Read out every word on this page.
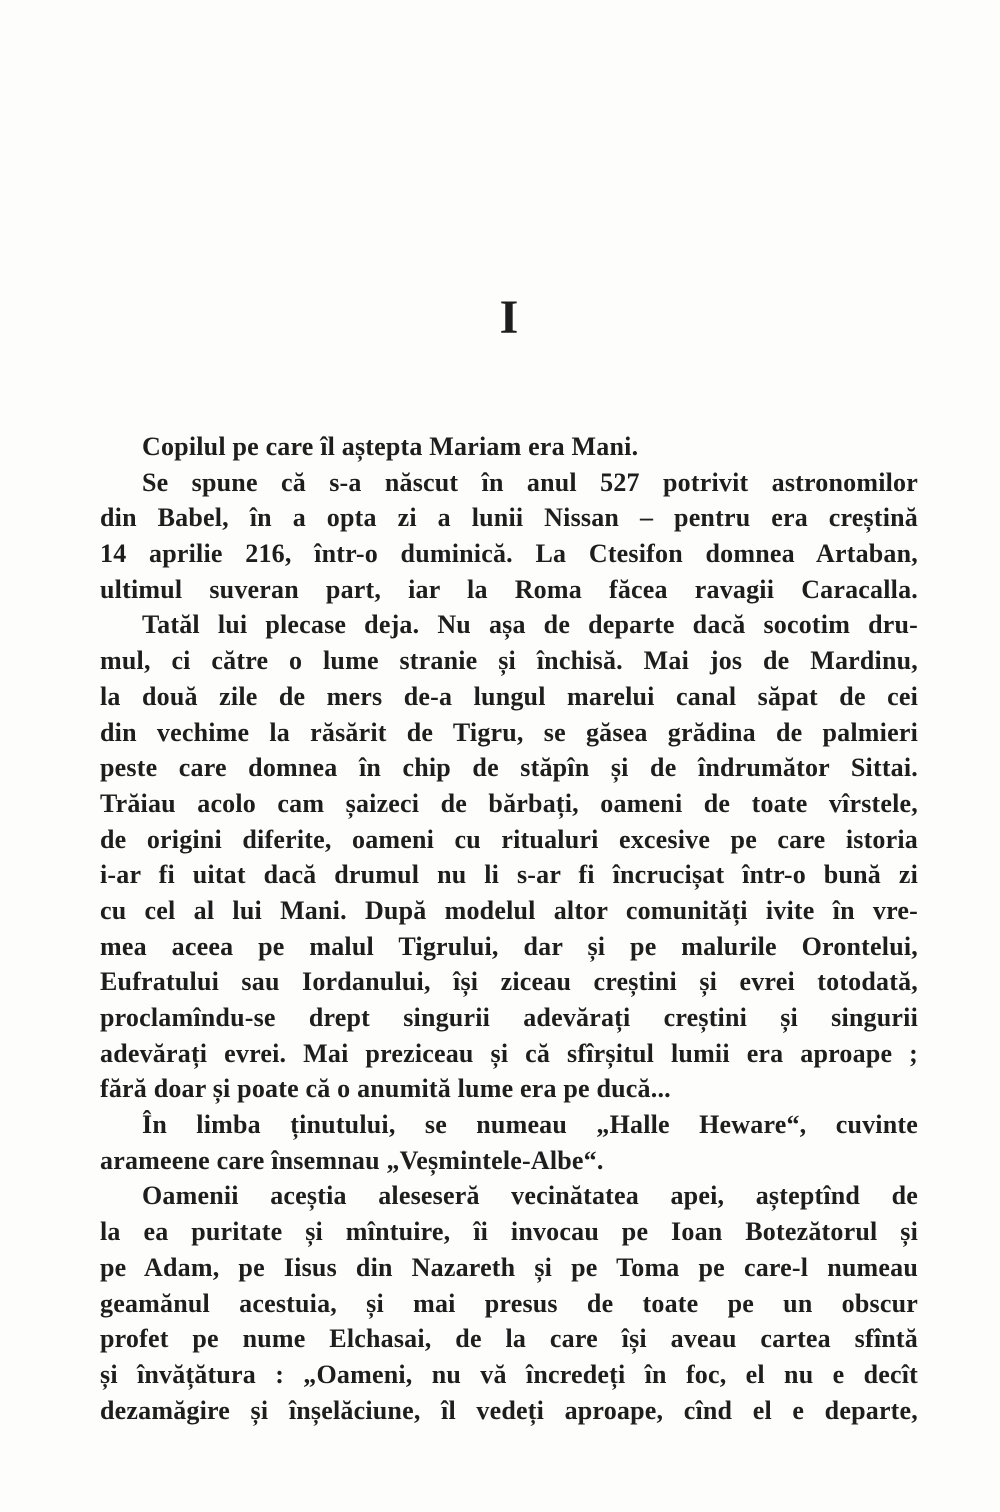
I
Copilul pe care îl aștepta Mariam era Mani.
Se spune că s-a născut în anul 527 potrivit astronomilor
din Babel, în a opta zi a lunii Nissan – pentru era creștină
14 aprilie 216, într-o duminică. La Ctesifon domnea Artaban,
ultimul suveran part, iar la Roma făcea ravagii Caracalla.
Tatăl lui plecase deja. Nu așa de departe dacă socotim dru-
mul, ci către o lume stranie și închisă. Mai jos de Mardinu,
la două zile de mers de-a lungul marelui canal săpat de cei
din vechime la răsărit de Tigru, se găsea grădina de palmieri
peste care domnea în chip de stăpîn și de îndrumător Sittai.
Trăiau acolo cam șaizeci de bărbați, oameni de toate vîrstele,
de origini diferite, oameni cu ritualuri excesive pe care istoria
i-ar fi uitat dacă drumul nu li s-ar fi încrucișat într-o bună zi
cu cel al lui Mani. După modelul altor comunități ivite în vre-
mea aceea pe malul Tigrului, dar și pe malurile Orontelui,
Eufratului sau Iordanului, își ziceau creștini și evrei totodată,
proclamîndu-se drept singurii adevărați creștini și singurii
adevărați evrei. Mai preziceau și că sfîrșitul lumii era aproape ;
fără doar și poate că o anumită lume era pe ducă...
În limba ținutului, se numeau „Halle Heware“, cuvinte
arameene care însemnau „Veșmintele-Albe“.
Oamenii aceștia aleseseră vecinătatea apei, așteptînd de
la ea puritate și mîntuire, îi invocau pe Ioan Botezătorul și
pe Adam, pe Iisus din Nazareth și pe Toma pe care-l numeau
geamănul acestuia, și mai presus de toate pe un obscur
profet pe nume Elchasai, de la care își aveau cartea sfîntă
și învățătura : „Oameni, nu vă încredeți în foc, el nu e decît
dezamăgire și înșelăciune, îl vedeți aproape, cînd el e departe,
